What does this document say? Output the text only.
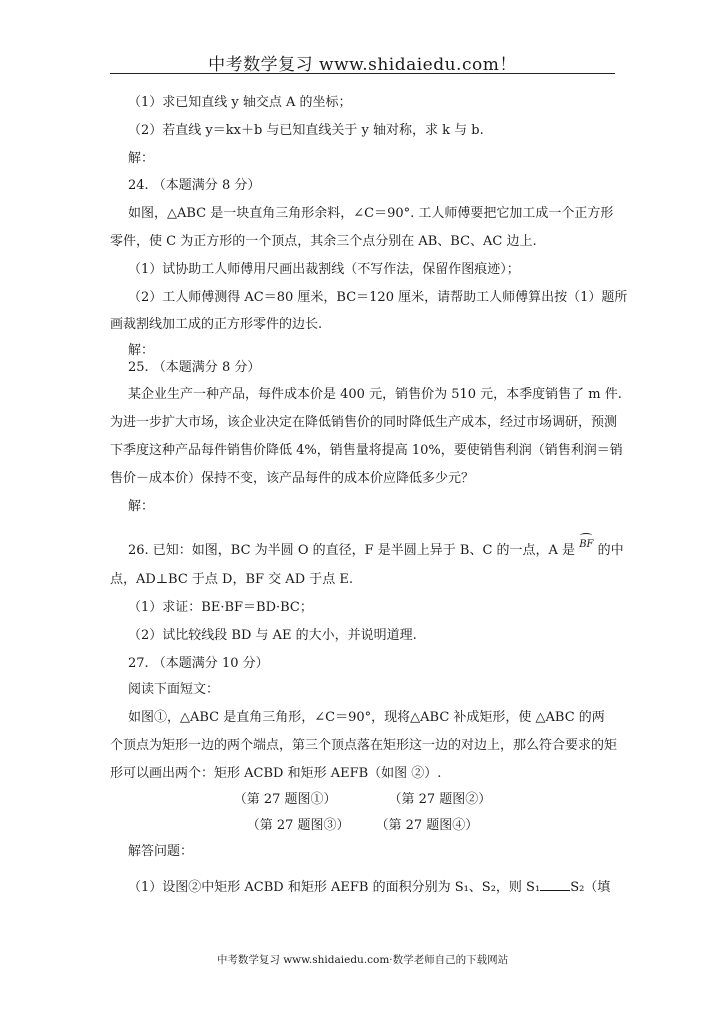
中考数学复习 www.shidaiedu.com！
（1）求已知直线 y 轴交点 A 的坐标；
（2）若直线 y＝kx＋b 与已知直线关于 y 轴对称，求 k 与 b.
解：
24. （本题满分 8 分）
如图，△ABC 是一块直角三角形余料，∠C＝90°. 工人师傅要把它加工成一个正方形
零件，使 C 为正方形的一个顶点，其余三个点分别在 AB、BC、AC 边上.
（1）试协助工人师傅用尺画出裁割线（不写作法，保留作图痕迹）；
（2）工人师傅测得 AC＝80 厘米，BC＝120 厘米，请帮助工人师傅算出按（1）题所
画裁割线加工成的正方形零件的边长.
解：
25. （本题满分 8 分）
某企业生产一种产品，每件成本价是 400 元，销售价为 510 元，本季度销售了 m 件.
为进一步扩大市场，该企业决定在降低销售价的同时降低生产成本，经过市场调研，预测
下季度这种产品每件销售价降低 4%，销售量将提高 10%，要使销售利润（销售利润＝销
售价－成本价）保持不变，该产品每件的成本价应降低多少元？
解：
26. 已知：如图，BC 为半圆 O 的直径，F 是半圆上异于 B、C 的一点，A 是 BF 的中
点，AD⊥BC 于点 D，BF 交 AD 于点 E.
（1）求证：BE·BF＝BD·BC；
（2）试比较线段 BD 与 AE 的大小，并说明道理.
27. （本题满分 10 分）
阅读下面短文：
如图①，△ABC 是直角三角形，∠C＝90°，现将△ABC 补成矩形，使 △ABC 的两
个顶点为矩形一边的两个端点，第三个顶点落在矩形这一边的对边上，那么符合要求的矩
形可以画出两个：矩形 ACBD 和矩形 AEFB（如图 ②）.
（第 27 题图①）　　　　　（第 27 题图②）
（第 27 题图③）　　　（第 27 题图④）
解答问题：
（1）设图②中矩形 ACBD 和矩形 AEFB 的面积分别为 S₁、S₂，则 S₁ S₂（填
中考数学复习 www.shidaiedu.com·数学老师自己的下载网站
